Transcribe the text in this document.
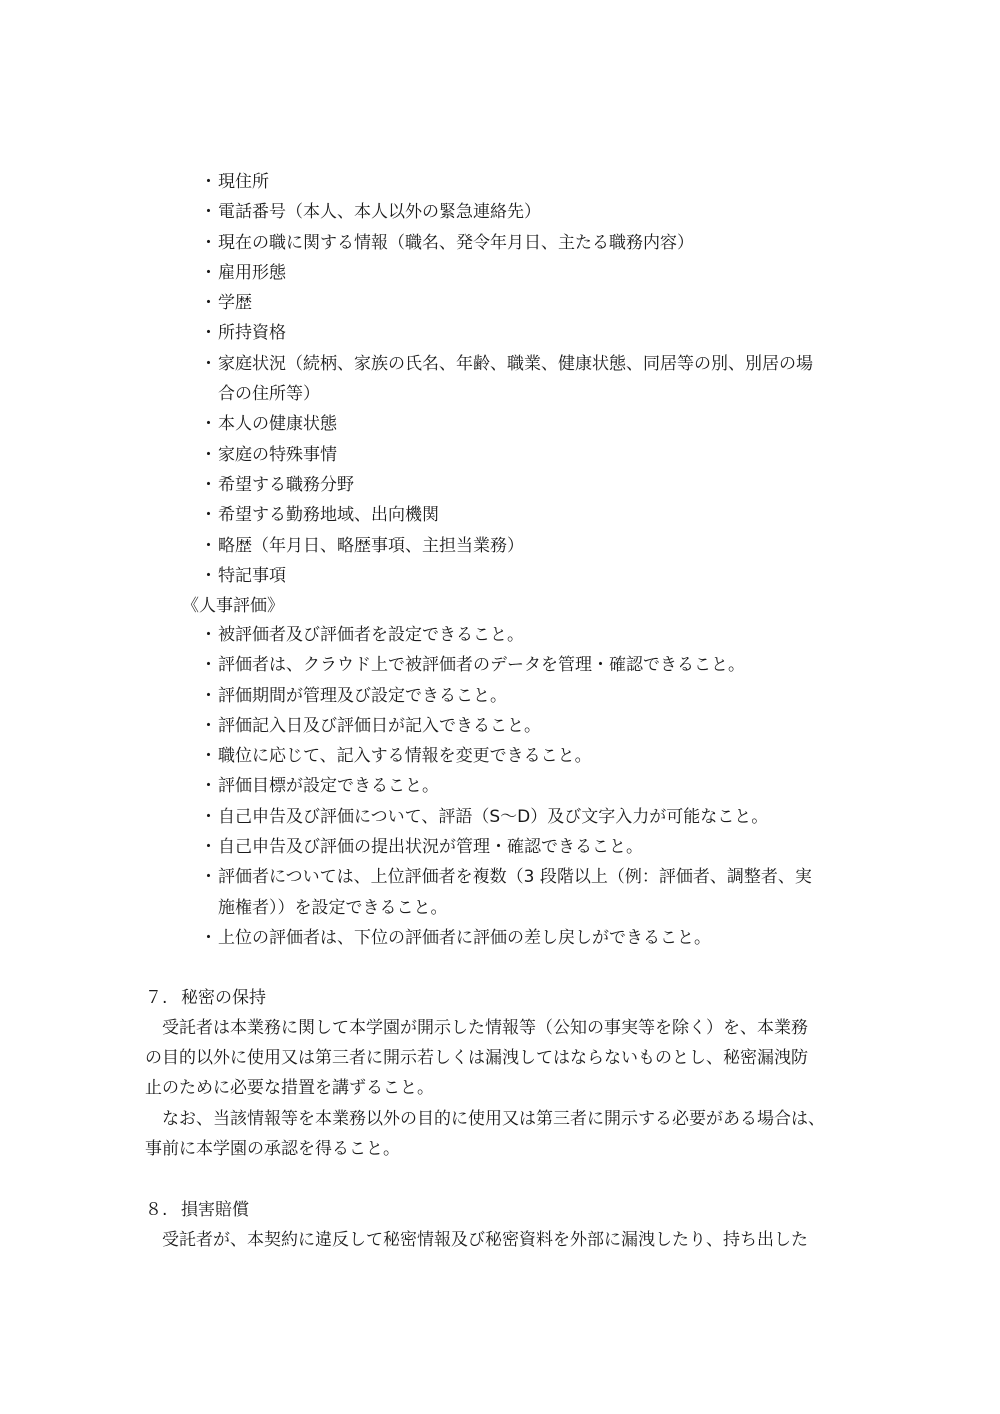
・ 現住所
・ 電話番号（本人、本人以外の緊急連絡先）
・ 現在の職に関する情報（職名、発令年月日、主たる職務内容）
・ 雇用形態
・ 学歴
・ 所持資格
・ 家庭状況（続柄、家族の氏名、年齢、職業、健康状態、同居等の別、別居の場
合の住所等）
・ 本人の健康状態
・ 家庭の特殊事情
・ 希望する職務分野
・ 希望する勤務地域、出向機関
・ 略歴（年月日、略歴事項、主担当業務）
・ 特記事項
《人事評価》
・ 被評価者及び評価者を設定できること。
・ 評価者は、クラウド上で被評価者のデータを管理・確認できること。
・ 評価期間が管理及び設定できること。
・ 評価記入日及び評価日が記入できること。
・ 職位に応じて、記入する情報を変更できること。
・ 評価目標が設定できること。
・ 自己申告及び評価について、評語（S～D）及び文字入力が可能なこと。
・ 自己申告及び評価の提出状況が管理・確認できること。
・ 評価者については、上位評価者を複数（3 段階以上（例：評価者、調整者、実
施権者））を設定できること。
・ 上位の評価者は、下位の評価者に評価の差し戻しができること。
７. 秘密の保持
受託者は本業務に関して本学園が開示した情報等（公知の事実等を除く）を、本業務
の目的以外に使用又は第三者に開示若しくは漏洩してはならないものとし、秘密漏洩防
止のために必要な措置を講ずること。
なお、当該情報等を本業務以外の目的に使用又は第三者に開示する必要がある場合は、
事前に本学園の承認を得ること。
８. 損害賠償
受託者が、本契約に違反して秘密情報及び秘密資料を外部に漏洩したり、持ち出した
